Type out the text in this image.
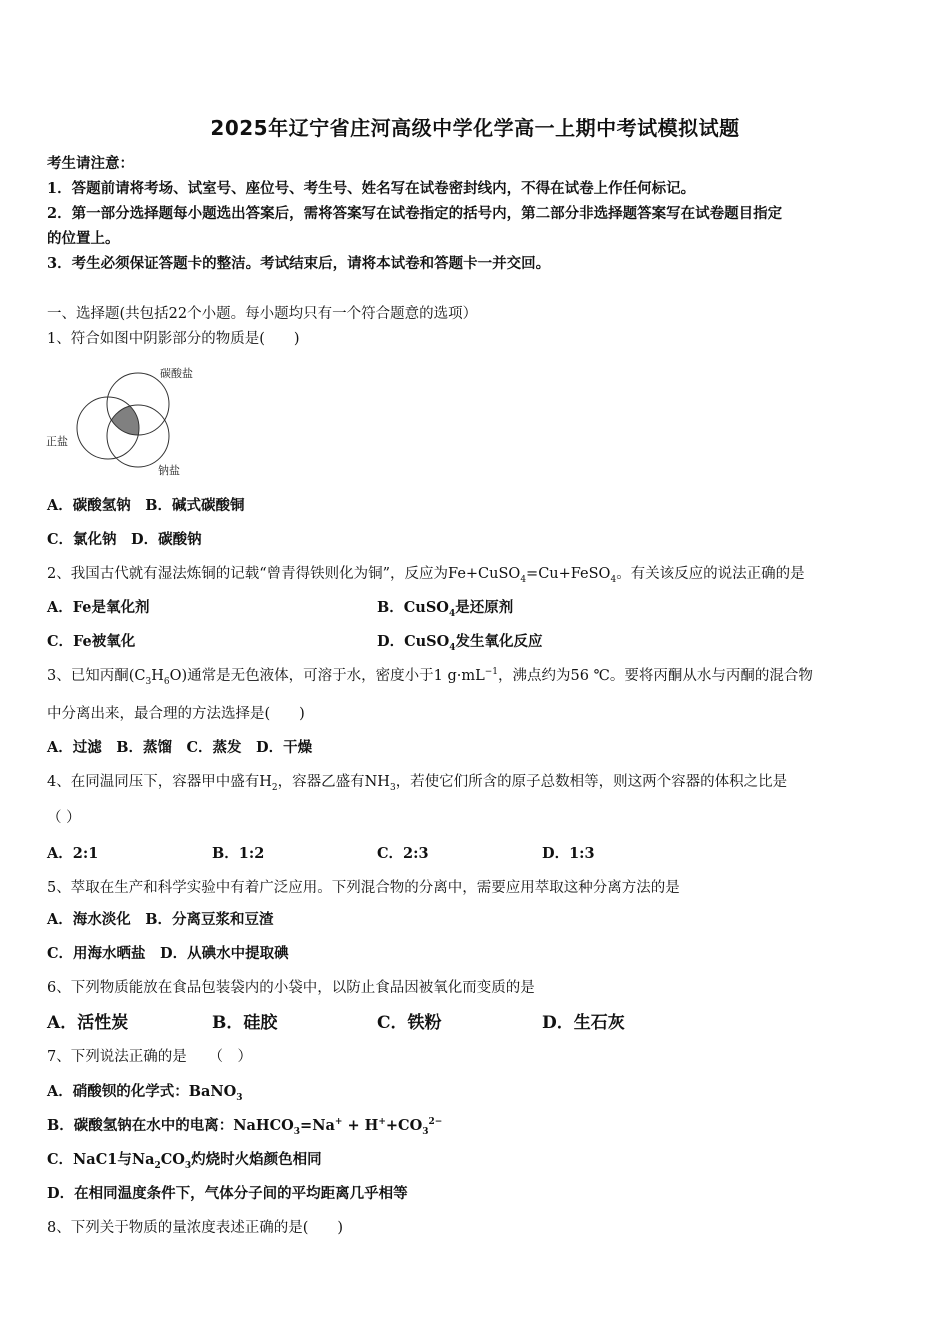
2025年辽宁省庄河高级中学化学高一上期中考试模拟试题
考生请注意：
1．答题前请将考场、试室号、座位号、考生号、姓名写在试卷密封线内，不得在试卷上作任何标记。
2．第一部分选择题每小题选出答案后，需将答案写在试卷指定的括号内，第二部分非选择题答案写在试卷题目指定
的位置上。
3．考生必须保证答题卡的整洁。考试结束后，请将本试卷和答题卡一并交回。
一、选择题(共包括22个小题。每小题均只有一个符合题意的选项）
1、符合如图中阴影部分的物质是(　　)
碳酸盐
正盐
钠盐
A．碳酸氢钠　B．碱式碳酸铜
C．氯化钠　D．碳酸钠
2、我国古代就有湿法炼铜的记载“曾青得铁则化为铜”，反应为Fe+CuSO$_4$=Cu+FeSO$_4$。有关该反应的说法正确的是
A．Fe是氧化剂	B．CuSO$_4$是还原剂
C．Fe被氧化	D．CuSO$_4$发生氧化反应
3、已知丙酮$(C_3H_6O)$通常是无色液体，可溶于水，密度小于1 $g\cdot mL^{-1}$，沸点约为56 ℃。要将丙酮从水与丙酮的混合物
中分离出来，最合理的方法选择是(　　)
A．过滤　B．蒸馏　C．蒸发　D．干燥
4、在同温同压下，容器甲中盛有$H_2$，容器乙盛有$NH_3$，若使它们所含的原子总数相等，则这两个容器的体积之比是
（ ）
A．2:1	B．1:2	C．2:3	D．1:3
5、萃取在生产和科学实验中有着广泛应用。下列混合物的分离中，需要应用萃取这种分离方法的是
A．海水淡化　B．分离豆浆和豆渣
C．用海水晒盐　D．从碘水中提取碘
6、下列物质能放在食品包装袋内的小袋中，以防止食品因被氧化而变质的是
A．活性炭	B．硅胶	C．铁粉	D．生石灰
7、下列说法正确的是　　（　）
A．硝酸钡的化学式：BaNO$_3$
B．碳酸氢钠在水中的电离：NaHCO$_3$=Na+ + $H^++CO_3^{2-}$
C．NaC1与$Na_2CO_3$灼烧时火焰颜色相同
D．在相同温度条件下，气体分子间的平均距离几乎相等
8、下列关于物质的量浓度表述正确的是(　　)
